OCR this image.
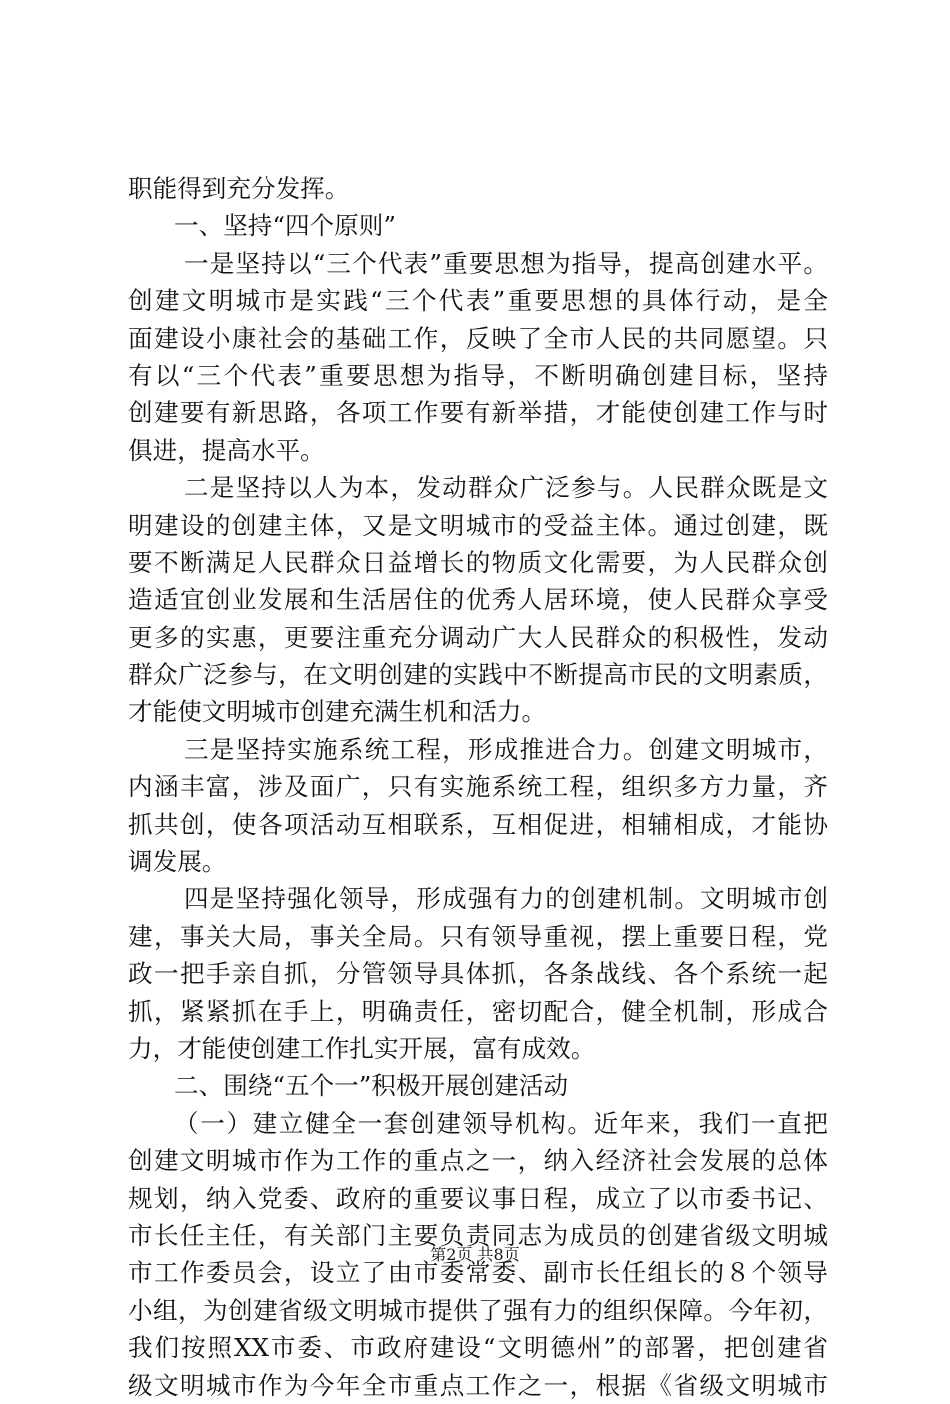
职能得到充分发挥。
一、坚持“四个原则”
一是坚持以“三个代表”重要思想为指导，提高创建水平。
创建文明城市是实践“三个代表”重要思想的具体行动，是全
面建设小康社会的基础工作，反映了全市人民的共同愿望。只
有以“三个代表”重要思想为指导，不断明确创建目标，坚持
创建要有新思路，各项工作要有新举措，才能使创建工作与时
俱进，提高水平。
二是坚持以人为本，发动群众广泛参与。人民群众既是文
明建设的创建主体，又是文明城市的受益主体。通过创建，既
要不断满足人民群众日益增长的物质文化需要，为人民群众创
造适宜创业发展和生活居住的优秀人居环境，使人民群众享受
更多的实惠，更要注重充分调动广大人民群众的积极性，发动
群众广泛参与，在文明创建的实践中不断提高市民的文明素质，
才能使文明城市创建充满生机和活力。
三是坚持实施系统工程，形成推进合力。创建文明城市，
内涵丰富，涉及面广，只有实施系统工程，组织多方力量，齐
抓共创，使各项活动互相联系，互相促进，相辅相成，才能协
调发展。
四是坚持强化领导，形成强有力的创建机制。文明城市创
建，事关大局，事关全局。只有领导重视，摆上重要日程，党
政一把手亲自抓，分管领导具体抓，各条战线、各个系统一起
抓，紧紧抓在手上，明确责任，密切配合，健全机制，形成合
力，才能使创建工作扎实开展，富有成效。
二、围绕“五个一”积极开展创建活动
（一）建立健全一套创建领导机构。近年来，我们一直把
创建文明城市作为工作的重点之一，纳入经济社会发展的总体
规划，纳入党委、政府的重要议事日程，成立了以市委书记、
市长任主任，有关部门主要负责同志为成员的创建省级文明城
市工作委员会，设立了由市委常委、副市长任组长的８个领导
小组，为创建省级文明城市提供了强有力的组织保障。今年初，
我们按照XX市委、市政府建设“文明德州”的部署，把创建省
级文明城市作为今年全市重点工作之一，根据《省级文明城市
第2页 共8页
